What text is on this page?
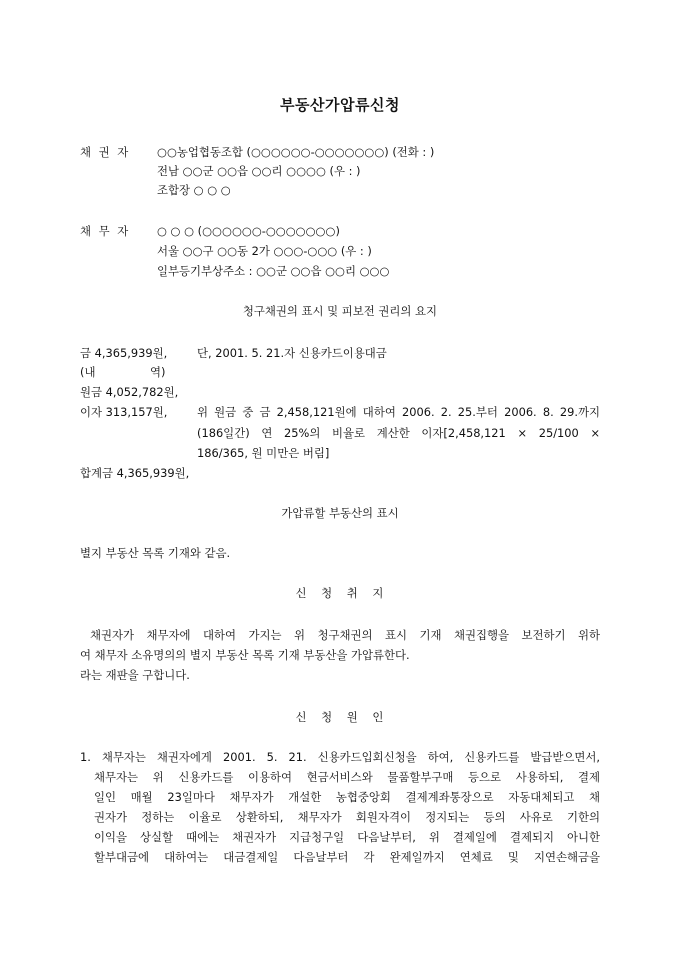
부동산가압류신청
채 권 자 ○○농업협동조합 (○○○○○○-○○○○○○○) (전화 : )
전남 ○○군 ○○읍 ○○리 ○○○○ (우 : )
조합장 ○ ○ ○
채 무 자 ○ ○ ○ (○○○○○○-○○○○○○○)
서울 ○○구 ○○동 2가 ○○○-○○○ (우 : )
일부등기부상주소 : ○○군 ○○읍 ○○리 ○○○
청구채권의 표시 및 피보전 권리의 요지
금 4,365,939원,	단, 2001. 5. 21.자 신용카드이용대금
(내	역)
원금 4,052,782원,
이자 313,157원,	위 원금 중 금 2,458,121원에 대하여 2006. 2. 25.부터 2006. 8. 29.까지
(186일간) 연 25%의 비율로 계산한 이자[2,458,121 × 25/100 ×
186/365, 원 미만은 버림]
합계금 4,365,939원,
가압류할 부동산의 표시
별지 부동산 목록 기재와 같음.
신 청 취 지
채권자가 채무자에 대하여 가지는 위 청구채권의 표시 기재 채권집행을 보전하기 위하
여 채무자 소유명의의 별지 부동산 목록 기재 부동산을 가압류한다.
라는 재판을 구합니다.
신 청 원 인
1. 채무자는 채권자에게 2001. 5. 21. 신용카드입회신청을 하여, 신용카드를 발급받으면서,
채무자는 위 신용카드를 이용하여 현금서비스와 물품할부구매 등으로 사용하되, 결제
일인 매월 23일마다 채무자가 개설한 농협중앙회 결제계좌통장으로 자동대체되고 채
권자가 정하는 이율로 상환하되, 채무자가 회원자격이 정지되는 등의 사유로 기한의
이익을 상실할 때에는 채권자가 지급청구일 다음날부터, 위 결제일에 결제되지 아니한
할부대금에 대하여는 대금결제일 다음날부터 각 완제일까지 연체료 및 지연손해금을
